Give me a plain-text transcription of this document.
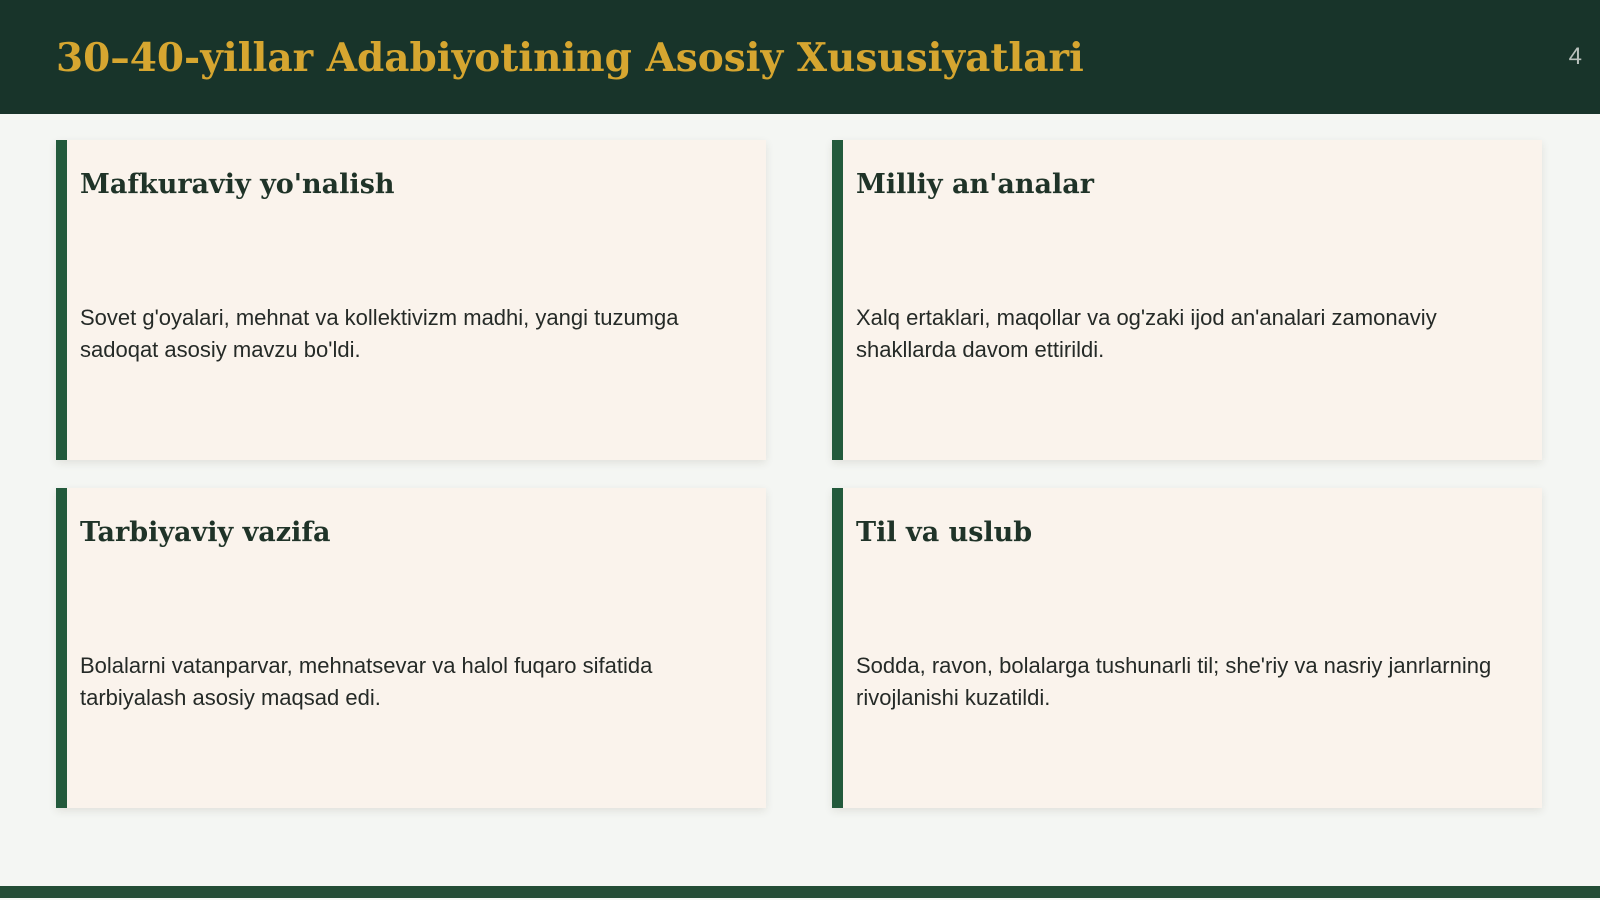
30–40-yillar Adabiyotining Asosiy Xususiyatlari	4
Mafkuraviy yo'nalish

Sovet g'oyalari, mehnat va kollektivizm madhi, yangi tuzumga sadoqat asosiy mavzu bo'ldi.

Milliy an'analar

Xalq ertaklari, maqollar va og'zaki ijod an'analari zamonaviy shakllarda davom ettirildi.

Tarbiyaviy vazifa

Bolalarni vatanparvar, mehnatsevar va halol fuqaro sifatida tarbiyalash asosiy maqsad edi.

Til va uslub

Sodda, ravon, bolalarga tushunarli til; she'riy va nasriy janrlarning rivojlanishi kuzatildi.
